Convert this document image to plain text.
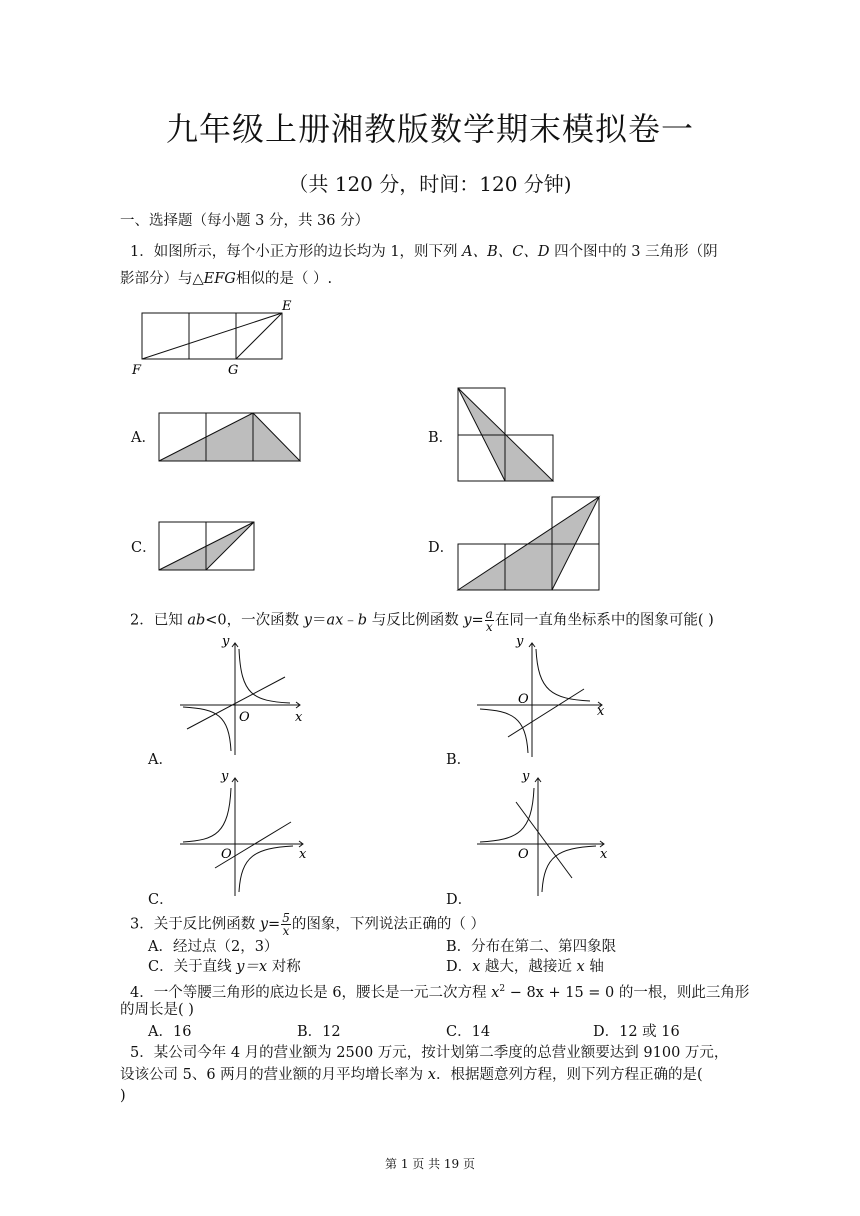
九年级上册湘教版数学期末模拟卷一
（共 120 分，时间：120 分钟)
一、选择题（每小题 3 分，共 36 分）
1．如图所示，每个小正方形的边长均为 1，则下列 A、B、C、D 四个图中的 3 三角形（阴
影部分）与△EFG相似的是（ ）.
E
F	G
A．	B．
C．	D．
2．已知 ab<0，一次函数 y＝ax﹣b 与反比例函数 $y= \frac{a}{x}$ 在同一直角坐标系中的图象可能( )
x
y
O
A．
x
y
O
B．
x
y
O
C．
x
y
O
D．
3．关于反比例函数 $y= \frac{5}{x}$ 的图象，下列说法正确的（ ）
A．经过点（2，3）	B．分布在第二、第四象限
C．关于直线 y＝x 对称	D．x 越大，越接近 x 轴
4．一个等腰三角形的底边长是 6，腰长是一元二次方程 $x^2 - 8x + 15 = 0$ 的一根，则此三角形
的周长是( )
A．16	B．12	C．14	D．12 或 16
5．某公司今年 4 月的营业额为 2500 万元，按计划第二季度的总营业额要达到 9100 万元，
设该公司 5、6 两月的营业额的月平均增长率为 x．根据题意列方程，则下列方程正确的是(
)
第 1 页 共 19 页
